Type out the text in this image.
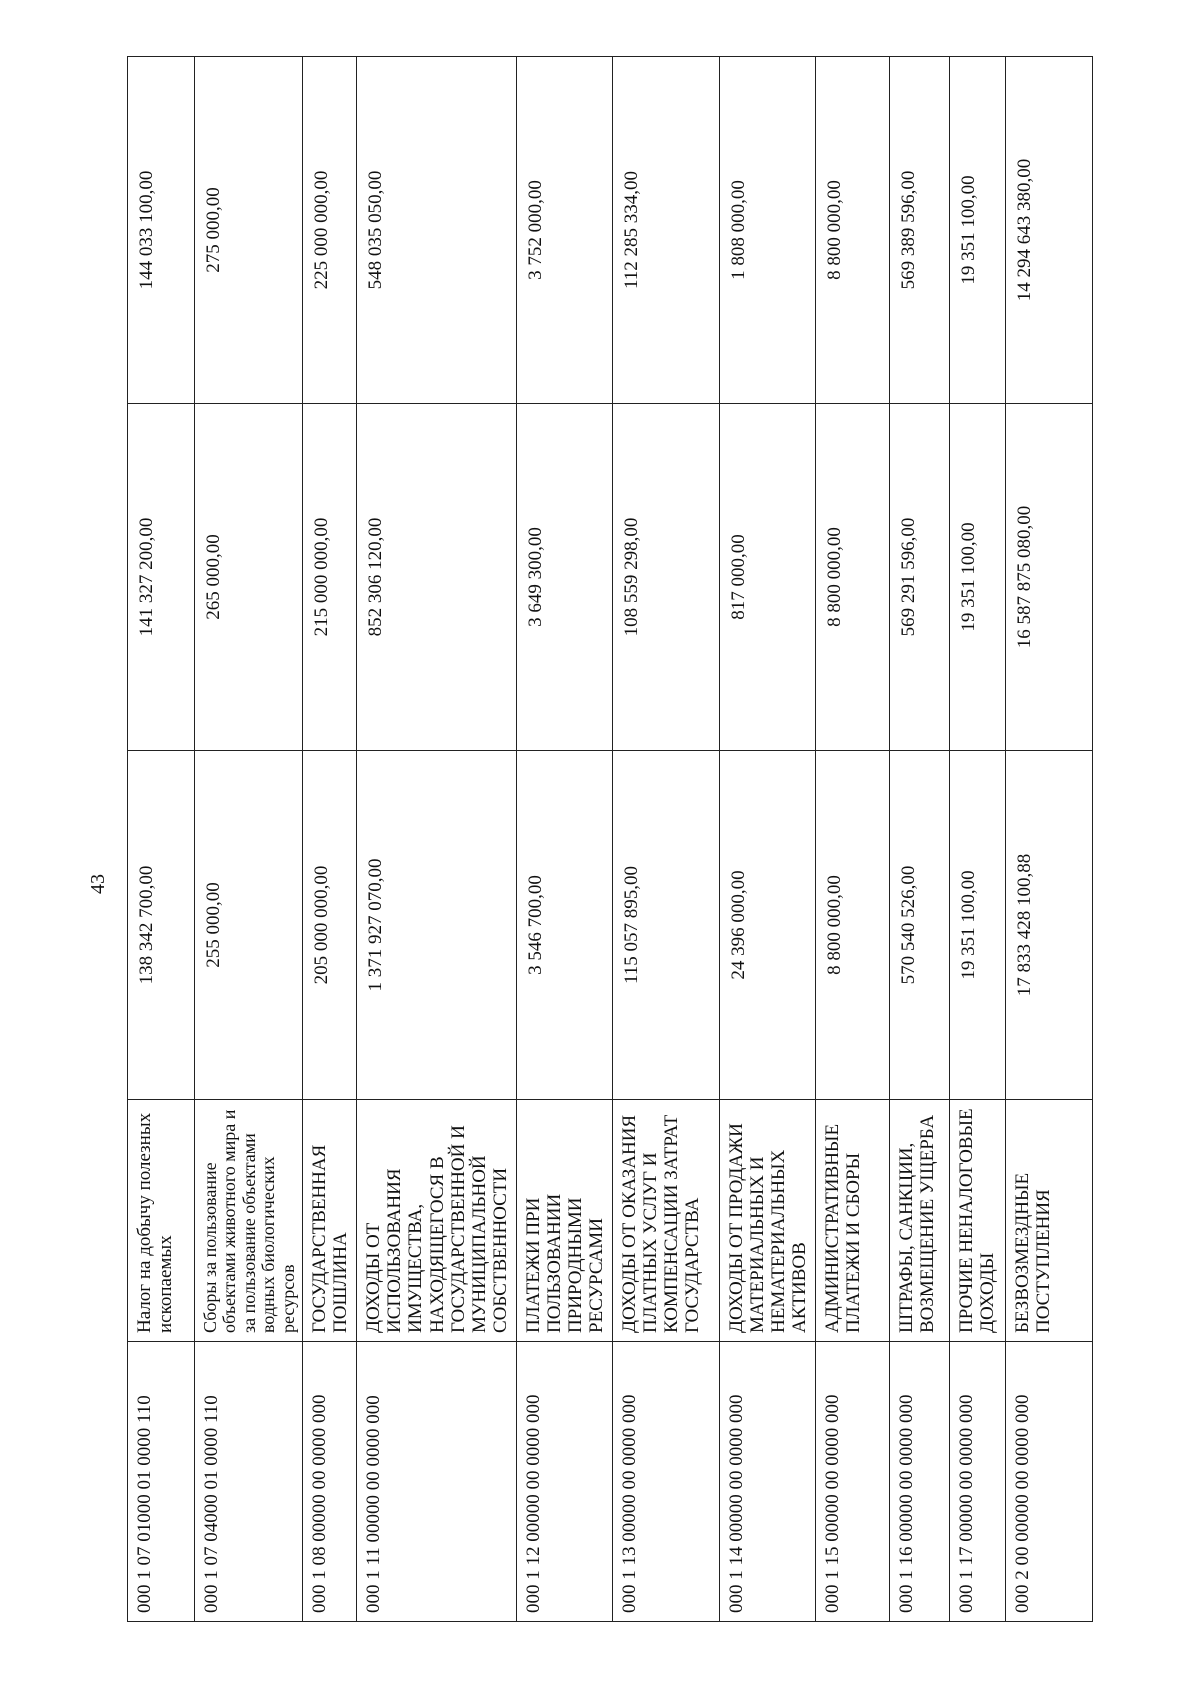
43
000 1 07 01000 01 0000 110	Налог на добычу полезных ископаемых	138 342 700,00	141 327 200,00	144 033 100,00
000 1 07 04000 01 0000 110	Сборы за пользование объектами животного мира и за пользование объектами водных биологических ресурсов	255 000,00	265 000,00	275 000,00
000 1 08 00000 00 0000 000	ГОСУДАРСТВЕННАЯ ПОШЛИНА	205 000 000,00	215 000 000,00	225 000 000,00
000 1 11 00000 00 0000 000	ДОХОДЫ ОТ ИСПОЛЬЗОВАНИЯ ИМУЩЕСТВА, НАХОДЯЩЕГОСЯ В ГОСУДАРСТВЕННОЙ И МУНИЦИПАЛЬНОЙ СОБСТВЕННОСТИ	1 371 927 070,00	852 306 120,00	548 035 050,00
000 1 12 00000 00 0000 000	ПЛАТЕЖИ ПРИ ПОЛЬЗОВАНИИ ПРИРОДНЫМИ РЕСУРСАМИ	3 546 700,00	3 649 300,00	3 752 000,00
000 1 13 00000 00 0000 000	ДОХОДЫ ОТ ОКАЗАНИЯ ПЛАТНЫХ УСЛУГ И КОМПЕНСАЦИИ ЗАТРАТ ГОСУДАРСТВА	115 057 895,00	108 559 298,00	112 285 334,00
000 1 14 00000 00 0000 000	ДОХОДЫ ОТ ПРОДАЖИ МАТЕРИАЛЬНЫХ И НЕМАТЕРИАЛЬНЫХ АКТИВОВ	24 396 000,00	817 000,00	1 808 000,00
000 1 15 00000 00 0000 000	АДМИНИСТРАТИВНЫЕ ПЛАТЕЖИ И СБОРЫ	8 800 000,00	8 800 000,00	8 800 000,00
000 1 16 00000 00 0000 000	ШТРАФЫ, САНКЦИИ, ВОЗМЕЩЕНИЕ УЩЕРБА	570 540 526,00	569 291 596,00	569 389 596,00
000 1 17 00000 00 0000 000	ПРОЧИЕ НЕНАЛОГОВЫЕ ДОХОДЫ	19 351 100,00	19 351 100,00	19 351 100,00
000 2 00 00000 00 0000 000	БЕЗВОЗМЕЗДНЫЕ ПОСТУПЛЕНИЯ	17 833 428 100,88	16 587 875 080,00	14 294 643 380,00
